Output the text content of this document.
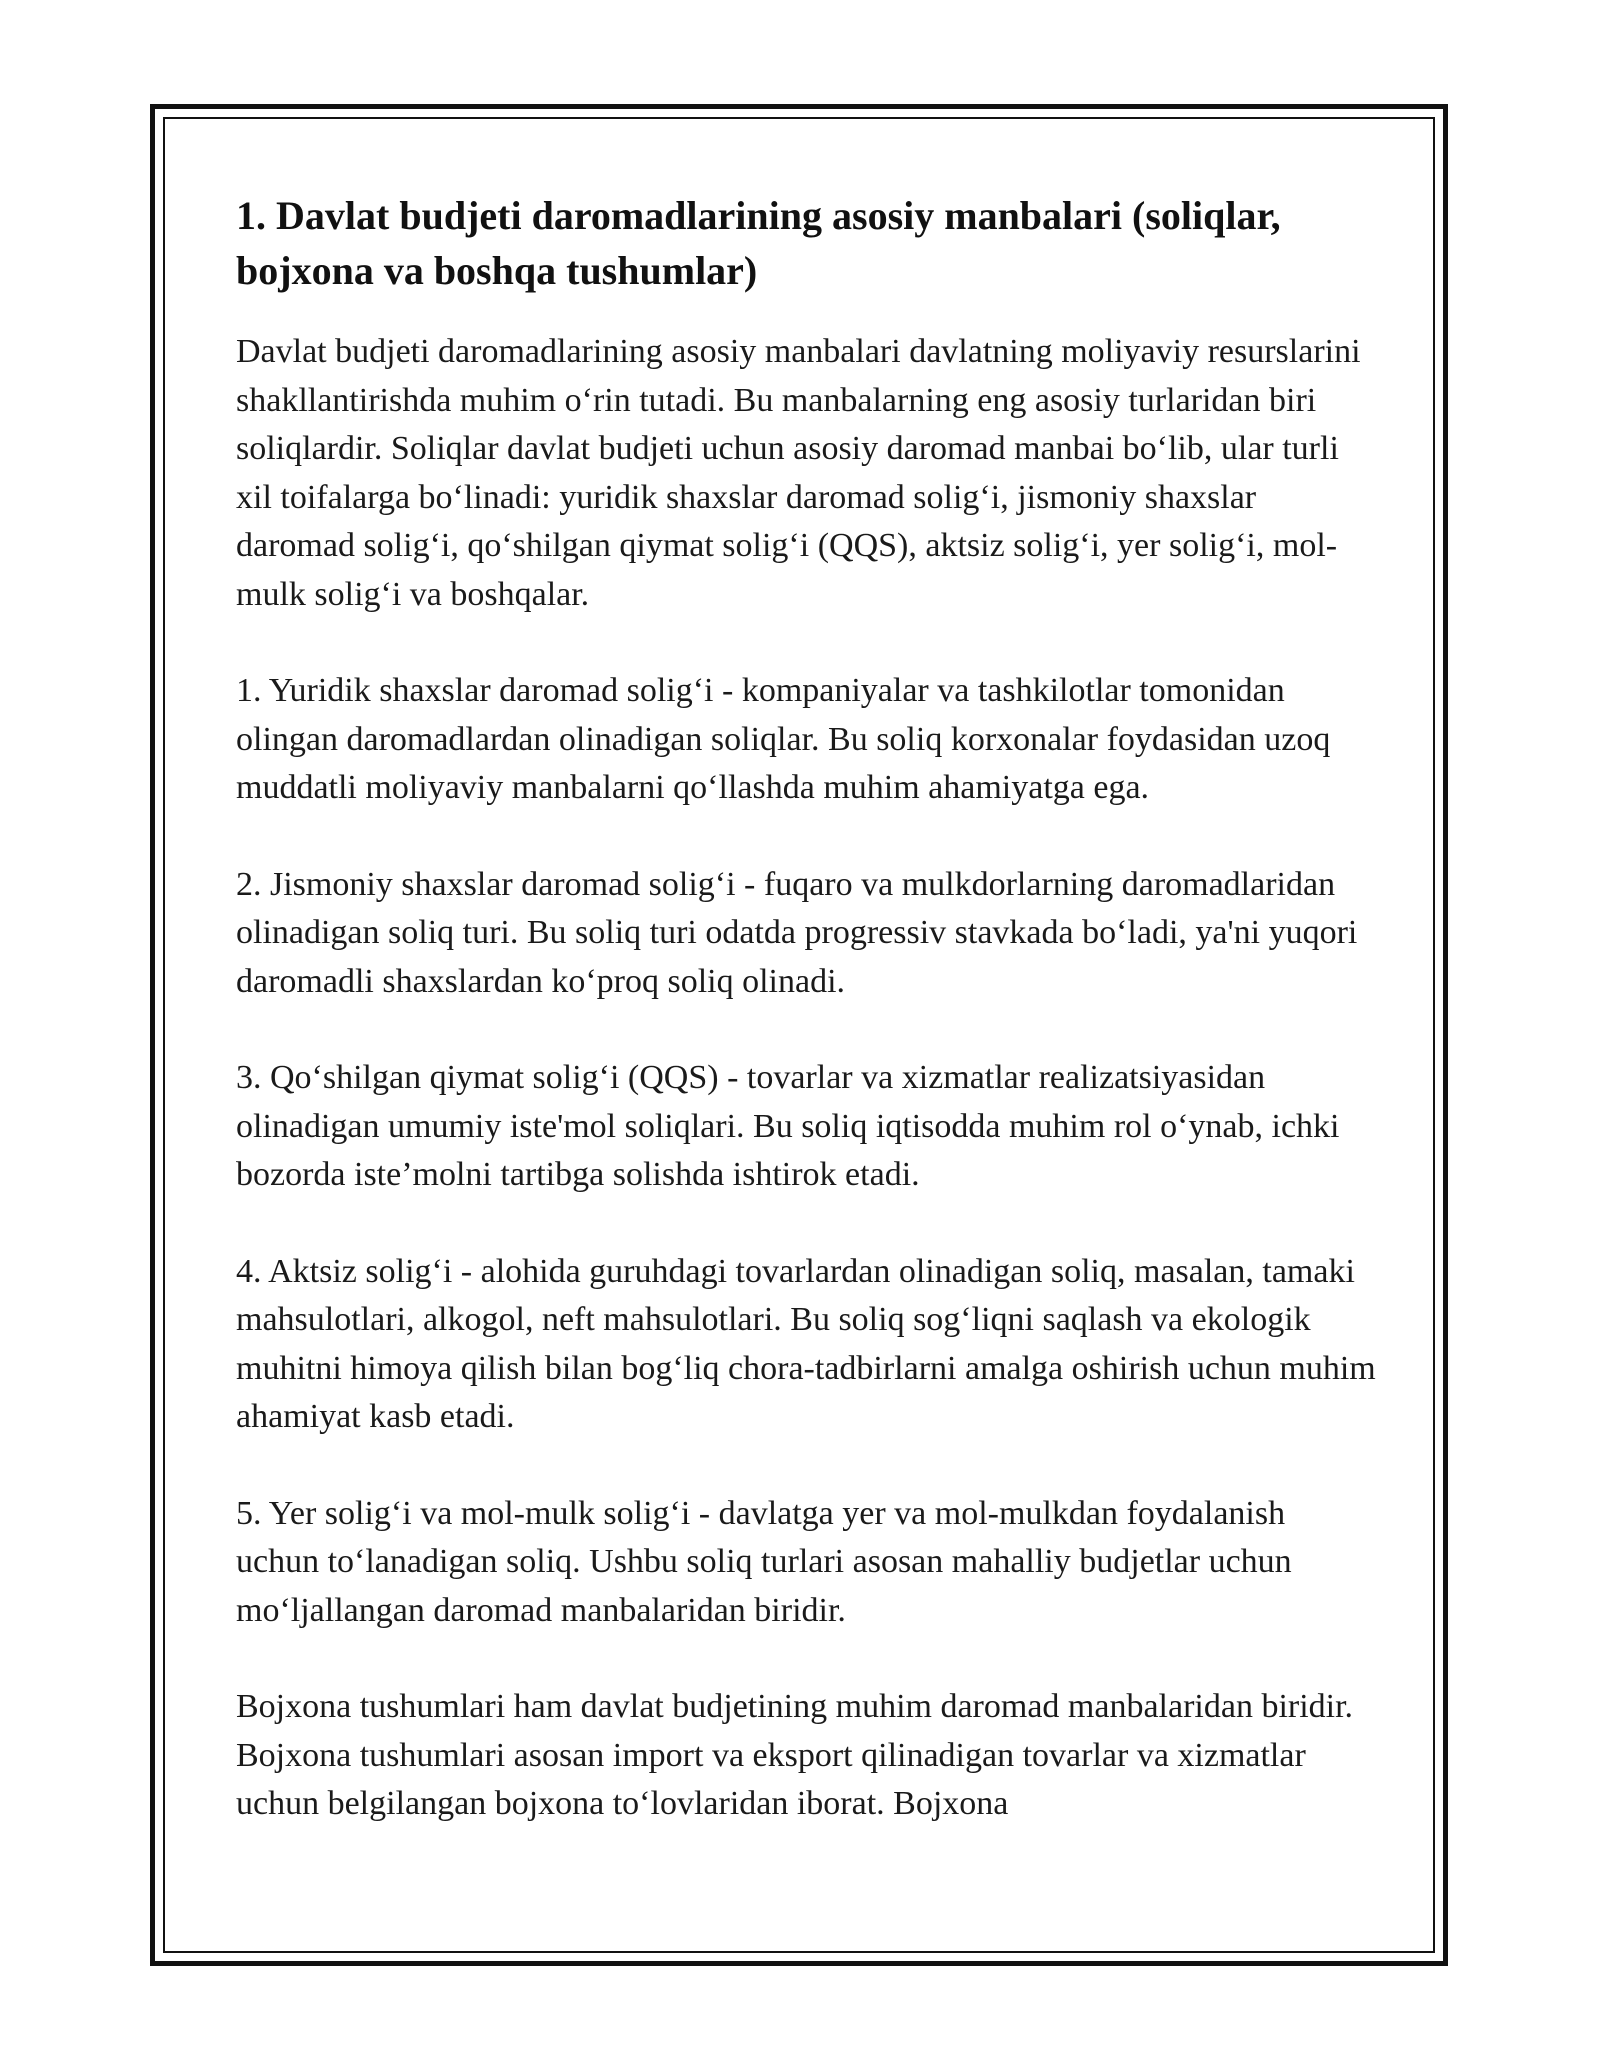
1. Davlat budjeti daromadlarining asosiy manbalari (soliqlar, bojxona va boshqa tushumlar)

Davlat budjeti daromadlarining asosiy manbalari davlatning moliyaviy resurslarini shakllantirishda muhim o‘rin tutadi. Bu manbalarning eng asosiy turlaridan biri soliqlardir. Soliqlar davlat budjeti uchun asosiy daromad manbai bo‘lib, ular turli xil toifalarga bo‘linadi: yuridik shaxslar daromad solig‘i, jismoniy shaxslar daromad solig‘i, qo‘shilgan qiymat solig‘i (QQS), aktsiz solig‘i, yer solig‘i, mol-mulk solig‘i va boshqalar.

1. Yuridik shaxslar daromad solig‘i - kompaniyalar va tashkilotlar tomonidan olingan daromadlardan olinadigan soliqlar. Bu soliq korxonalar foydasidan uzoq muddatli moliyaviy manbalarni qo‘llashda muhim ahamiyatga ega.

2. Jismoniy shaxslar daromad solig‘i - fuqaro va mulkdorlarning daromadlaridan olinadigan soliq turi. Bu soliq turi odatda progressiv stavkada bo‘ladi, ya'ni yuqori daromadli shaxslardan ko‘proq soliq olinadi.

3. Qo‘shilgan qiymat solig‘i (QQS) - tovarlar va xizmatlar realizatsiyasidan olinadigan umumiy iste'mol soliqlari. Bu soliq iqtisodda muhim rol o‘ynab, ichki bozorda iste’molni tartibga solishda ishtirok etadi.

4. Aktsiz solig‘i - alohida guruhdagi tovarlardan olinadigan soliq, masalan, tamaki mahsulotlari, alkogol, neft mahsulotlari. Bu soliq sog‘liqni saqlash va ekologik muhitni himoya qilish bilan bog‘liq chora-tadbirlarni amalga oshirish uchun muhim ahamiyat kasb etadi.

5. Yer solig‘i va mol-mulk solig‘i - davlatga yer va mol-mulkdan foydalanish uchun to‘lanadigan soliq. Ushbu soliq turlari asosan mahalliy budjetlar uchun mo‘ljallangan daromad manbalaridan biridir.

Bojxona tushumlari ham davlat budjetining muhim daromad manbalaridan biridir. Bojxona tushumlari asosan import va eksport qilinadigan tovarlar va xizmatlar uchun belgilangan bojxona to‘lovlaridan iborat. Bojxona
